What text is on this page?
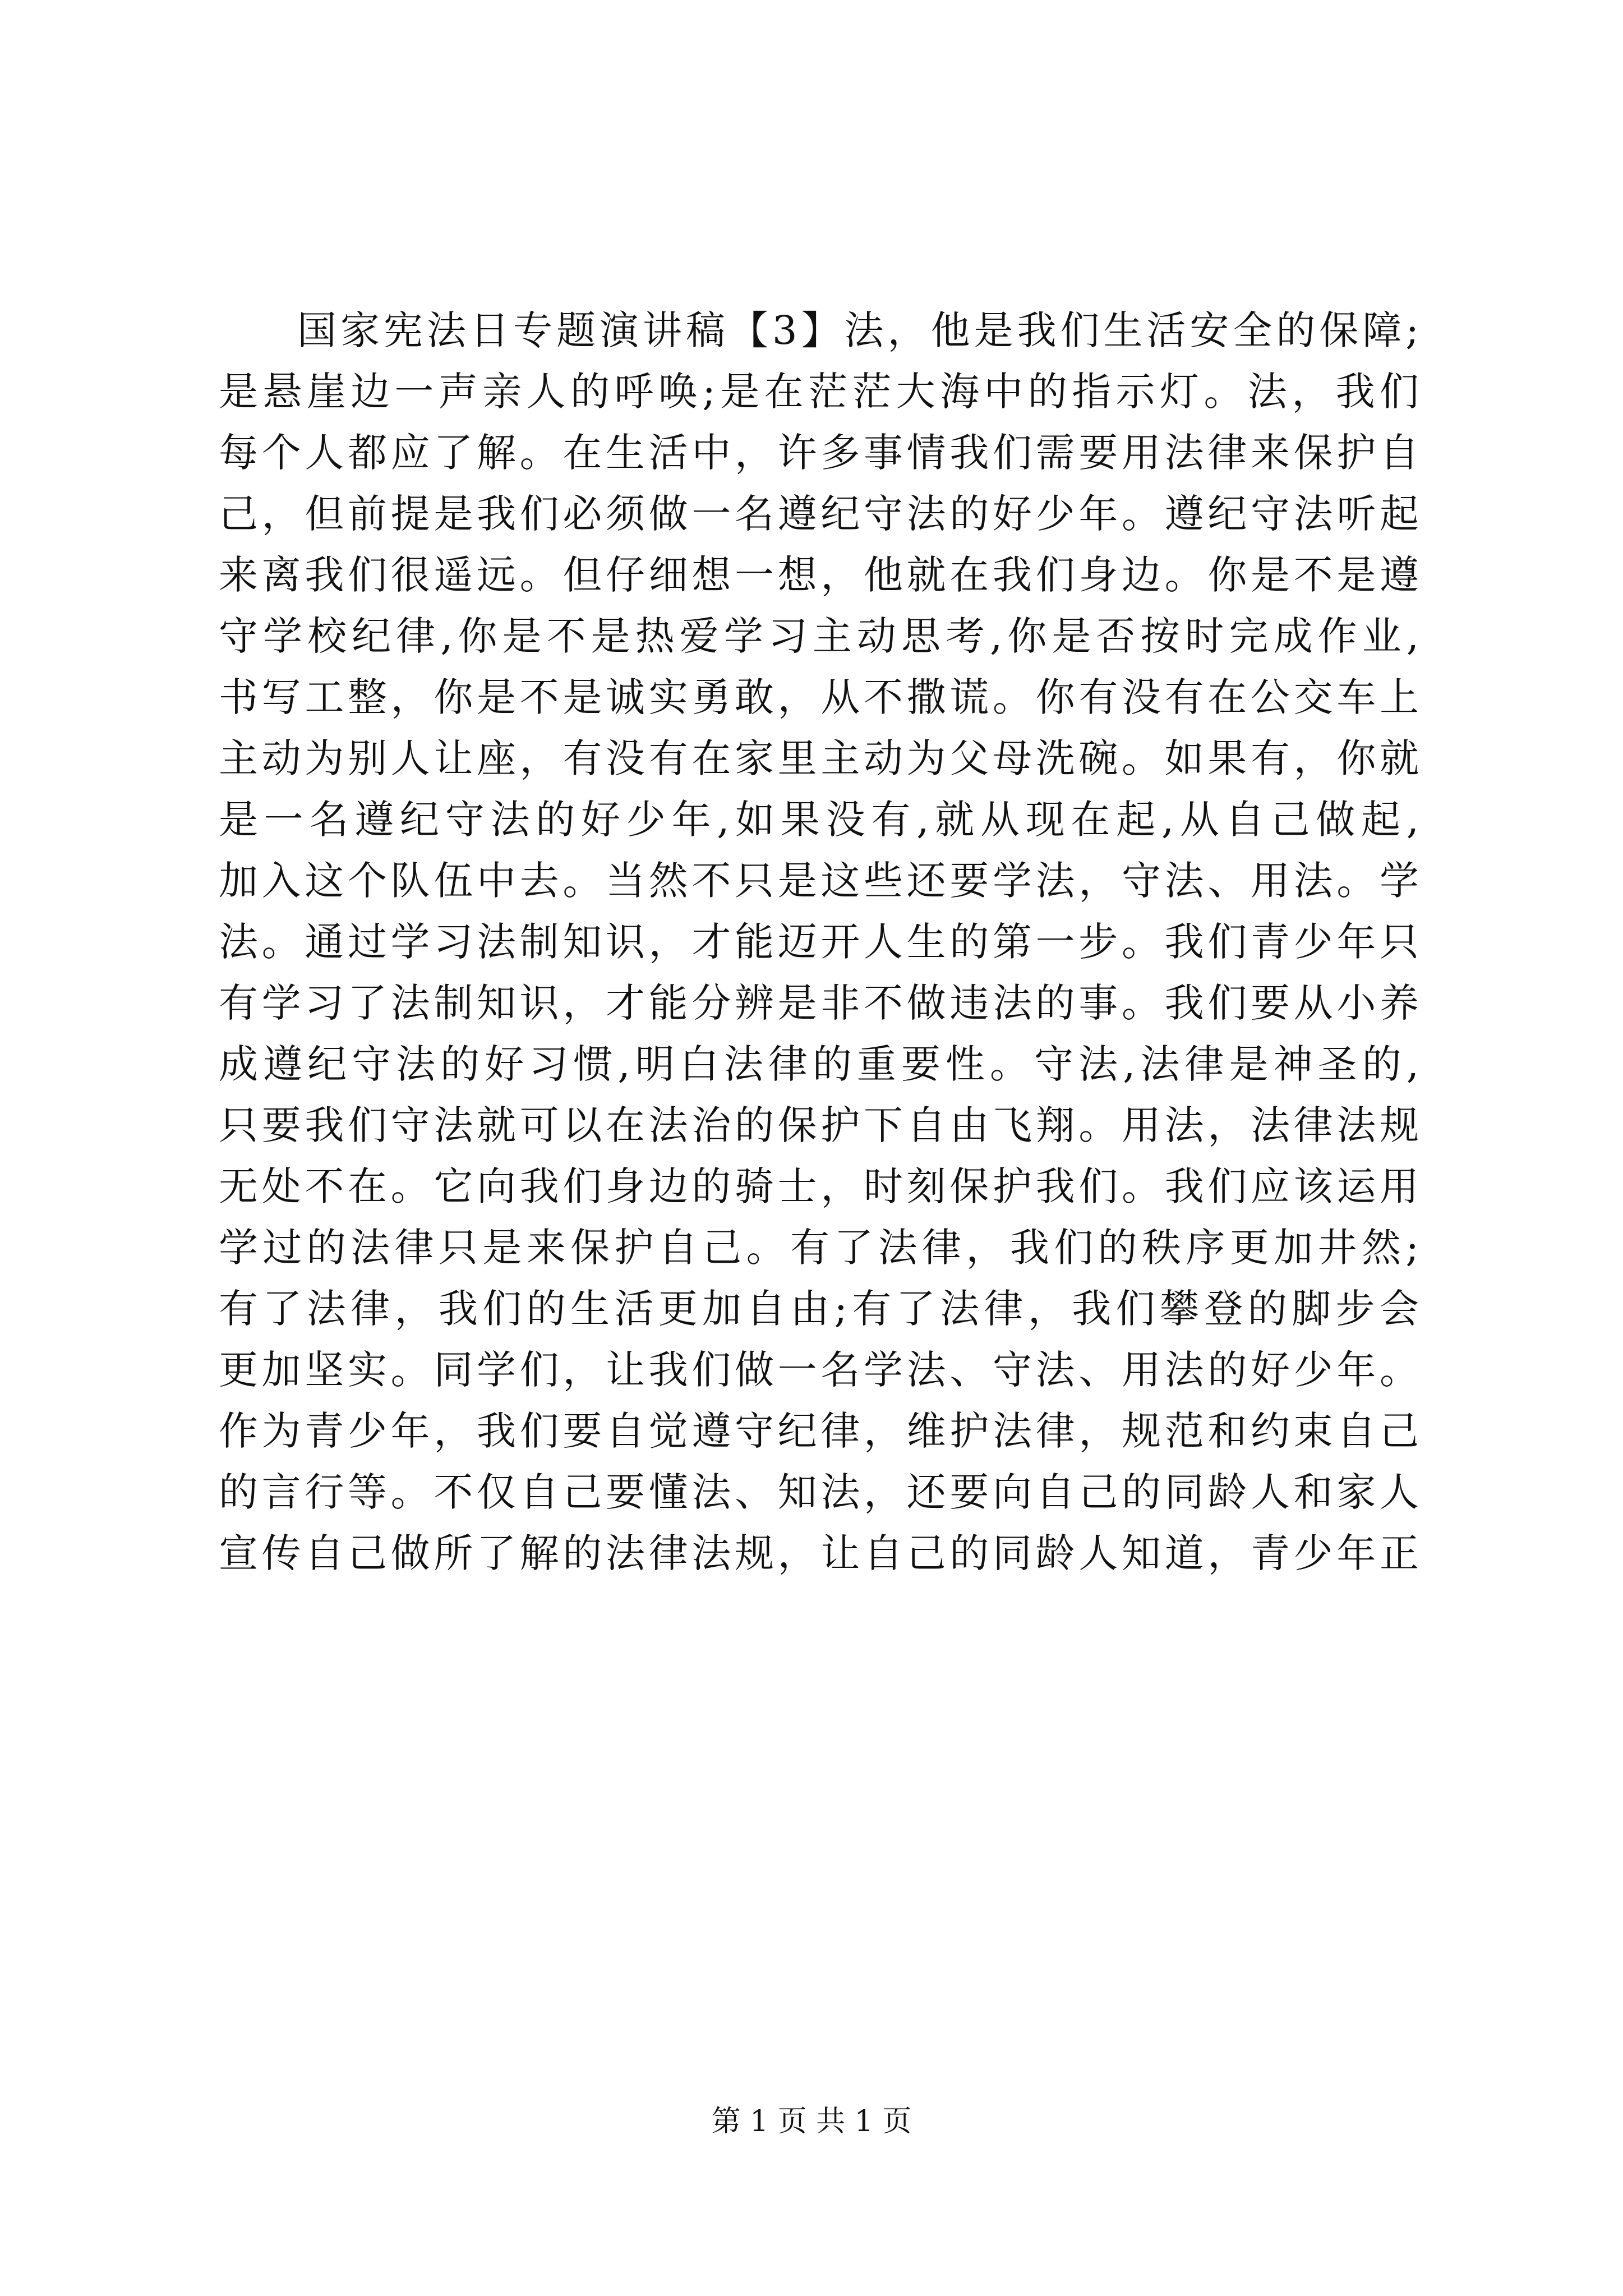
国家宪法日专题演讲稿【3】法，他是我们生活安全的保障;
是悬崖边一声亲人的呼唤;是在茫茫大海中的指示灯。法，我们
每个人都应了解。在生活中，许多事情我们需要用法律来保护自
己，但前提是我们必须做一名遵纪守法的好少年。遵纪守法听起
来离我们很遥远。但仔细想一想，他就在我们身边。你是不是遵
守学校纪律,你是不是热爱学习主动思考,你是否按时完成作业,
书写工整，你是不是诚实勇敢，从不撒谎。你有没有在公交车上
主动为别人让座，有没有在家里主动为父母洗碗。如果有，你就
是一名遵纪守法的好少年,如果没有,就从现在起,从自己做起,
加入这个队伍中去。当然不只是这些还要学法，守法、用法。学
法。通过学习法制知识，才能迈开人生的第一步。我们青少年只
有学习了法制知识，才能分辨是非不做违法的事。我们要从小养
成遵纪守法的好习惯,明白法律的重要性。守法,法律是神圣的,
只要我们守法就可以在法治的保护下自由飞翔。用法，法律法规
无处不在。它向我们身边的骑士，时刻保护我们。我们应该运用
学过的法律只是来保护自己。有了法律，我们的秩序更加井然;
有了法律，我们的生活更加自由;有了法律，我们攀登的脚步会
更加坚实。同学们，让我们做一名学法、守法、用法的好少年。
作为青少年，我们要自觉遵守纪律，维护法律，规范和约束自己
的言行等。不仅自己要懂法、知法，还要向自己的同龄人和家人
宣传自己做所了解的法律法规，让自己的同龄人知道，青少年正
第 1 页 共 1 页
